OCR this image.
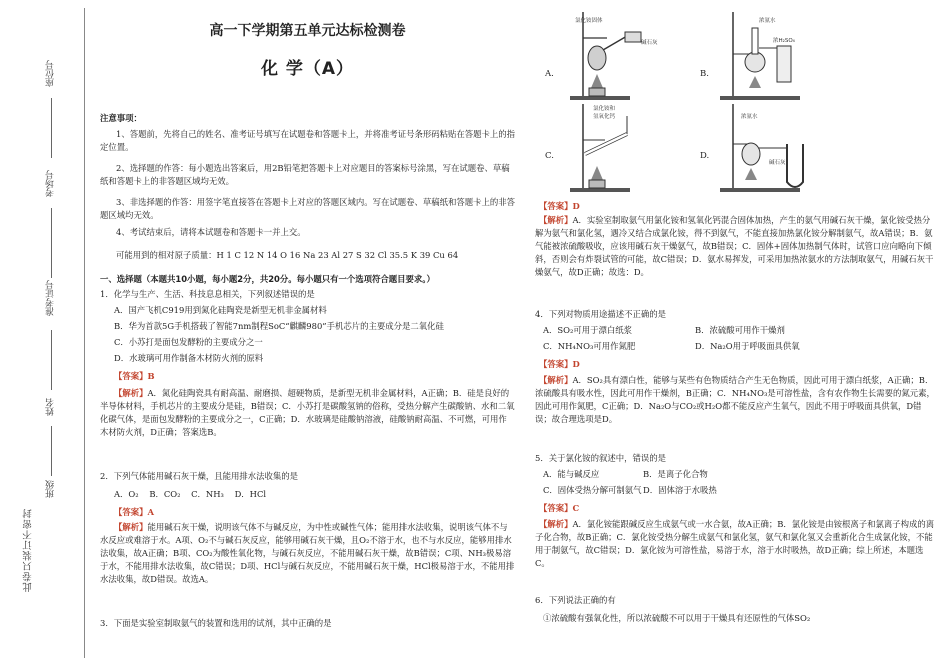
座位号
考场号
准考证号
姓名
班级
此卷只装订不密封
高一下学期第五单元达标检测卷
化 学（A）
注意事项：
1、答题前，先将自己的姓名、准考证号填写在试题卷和答题卡上，并将准考证号条形码粘贴在答题卡上的指定位置。
2、选择题的作答：每小题选出答案后，用2B铅笔把答题卡上对应题目的答案标号涂黑，写在试题卷、草稿纸和答题卡上的非答题区域均无效。
3、非选择题的作答：用签字笔直接答在答题卡上对应的答题区域内。写在试题卷、草稿纸和答题卡上的非答题区域均无效。
4、考试结束后，请将本试题卷和答题卡一并上交。
可能用到的相对原子质量：H 1 C 12 N 14 O 16 Na 23 Al 27 S 32 Cl 35.5 K 39 Cu 64
一、选择题（本题共10小题，每小题2分，共20分。每小题只有一个选项符合题目要求。）
1．化学与生产、生活、科技息息相关，下列叙述错误的是
A．国产飞机C919用到氮化硅陶瓷是新型无机非金属材料
B．华为首款5G手机搭载了智能7nm制程SoC“麒麟980”手机芯片的主要成分是二氧化硅
C．小苏打是面包发酵粉的主要成分之一
D．水玻璃可用作制备木材防火剂的原料
【答案】B
【解析】A．氮化硅陶瓷具有耐高温、耐磨损、超硬物质，是新型无机非金属材料，A正确；B．硅是良好的半导体材料，手机芯片的主要成分是硅，B错误；C．小苏打是碳酸氢钠的俗称，受热分解产生碳酸钠、水和二氧化碳气体，是面包发酵粉的主要成分之一，C正确；D．水玻璃是硅酸钠溶液，硅酸钠耐高温、不可燃，可用作木材防火剂，D正确；答案选B。
2．下列气体能用碱石灰干燥，且能用排水法收集的是
A．O₂ B．CO₂ C．NH₃ D．HCl
【答案】A
【解析】能用碱石灰干燥，说明该气体不与碱反应，为中性或碱性气体；能用排水法收集，说明该气体不与水反应或难溶于水。A项、O₂不与碱石灰反应，能够用碱石灰干燥，且O₂不溶于水，也不与水反应，能够用排水法收集，故A正确；B项、CO₂为酸性氧化物，与碱石灰反应，不能用碱石灰干燥，故B错误；C项、NH₃极易溶于水，不能用排水法收集，故C错误；D项、HCl与碱石灰反应，不能用碱石灰干燥，HCl极易溶于水，不能用排水法收集，故D错误。故选A。
3．下面是实验室制取氨气的装置和选用的试剂，其中正确的是
A.
氯化铵固体
碱石灰
B.
浓氨水
浓H₂SO₄
C.
氯化铵和
氢氧化钙
D.
浓氨水
碱石灰
【答案】D
【解析】A．实验室制取氨气用氯化铵和氢氧化钙混合固体加热，产生的氨气用碱石灰干燥，氯化铵受热分解为氨气和氯化氢，遇冷又结合成氯化铵，得不到氨气，不能直接加热氯化铵分解制氨气，故A错误；B．氨气能被浓硫酸吸收，应该用碱石灰干燥氨气，故B错误；C．固体+固体加热制气体时，试管口应向略向下倾斜，否则会有炸裂试管的可能，故C错误；D．氨水易挥发，可采用加热浓氨水的方法制取氨气，用碱石灰干燥氨气，故D正确；故选：D。
4．下列对物质用途描述不正确的是
A．SO₂可用于漂白纸浆	B．浓硫酸可用作干燥剂
C．NH₄NO₃可用作氮肥	D．Na₂O用于呼吸面具供氧
【答案】D
【解析】A．SO₂具有漂白性，能够与某些有色物质结合产生无色物质，因此可用于漂白纸浆，A正确；B．浓硫酸具有吸水性，因此可用作干燥剂，B正确；C．NH₄NO₃是可溶性盐，含有农作物生长需要的氮元素，因此可用作氮肥，C正确；D．Na₂O与CO₂或H₂O都不能反应产生氧气，因此不用于呼吸面具供氧，D错误；故合理选项是D。
5．关于氯化铵的叙述中，错误的是
A．能与碱反应	B．是离子化合物
C．固体受热分解可制氨气 D．固体溶于水吸热
【答案】C
【解析】A．氯化铵能跟碱反应生成氨气或一水合氨，故A正确；B．氯化铵是由铵根离子和氯离子构成的离子化合物，故B正确；C．氯化铵受热分解生成氨气和氯化氢，氨气和氯化氢又会重新化合生成氯化铵，不能用于制氨气，故C错误；D．氯化铵为可溶性盐，易溶于水，溶于水时吸热，故D正确；综上所述，本题选C。
6．下列说法正确的有
①浓硫酸有强氧化性，所以浓硫酸不可以用于干燥具有还原性的气体SO₂
